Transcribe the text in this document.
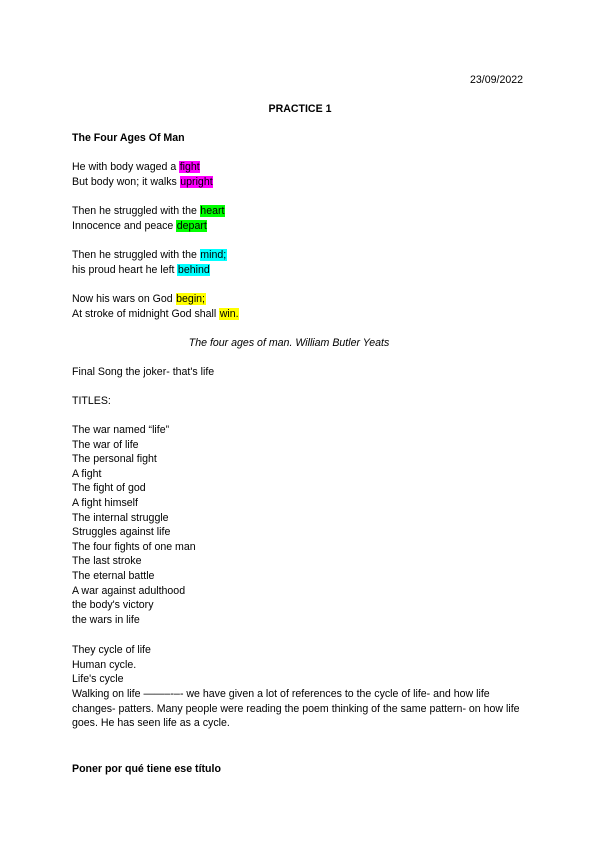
23/09/2022
PRACTICE 1
The Four Ages Of Man
He with body waged a fight
But body won; it walks upright
Then he struggled with the heart
Innocence and peace depart
Then he struggled with the mind;
his proud heart he left behind
Now his wars on God begin;
At stroke of midnight God shall win.
The four ages of man. William Butler Yeats
Final Song the joker- that's life
TITLES:
The war named “life”
The war of life
The personal fight
A fight
The fight of god
A fight himself
The internal struggle
Struggles against life
The four fights of one man
The last stroke
The eternal battle
A war against adulthood
the body's victory
the wars in life
They cycle of life
Human cycle.
Life's cycle
Walking on life ——–-–- we have given a lot of references to the cycle of life- and how life changes- patters. Many people were reading the poem thinking of the same pattern- on how life goes. He has seen life as a cycle.
Poner por qué tiene ese título
